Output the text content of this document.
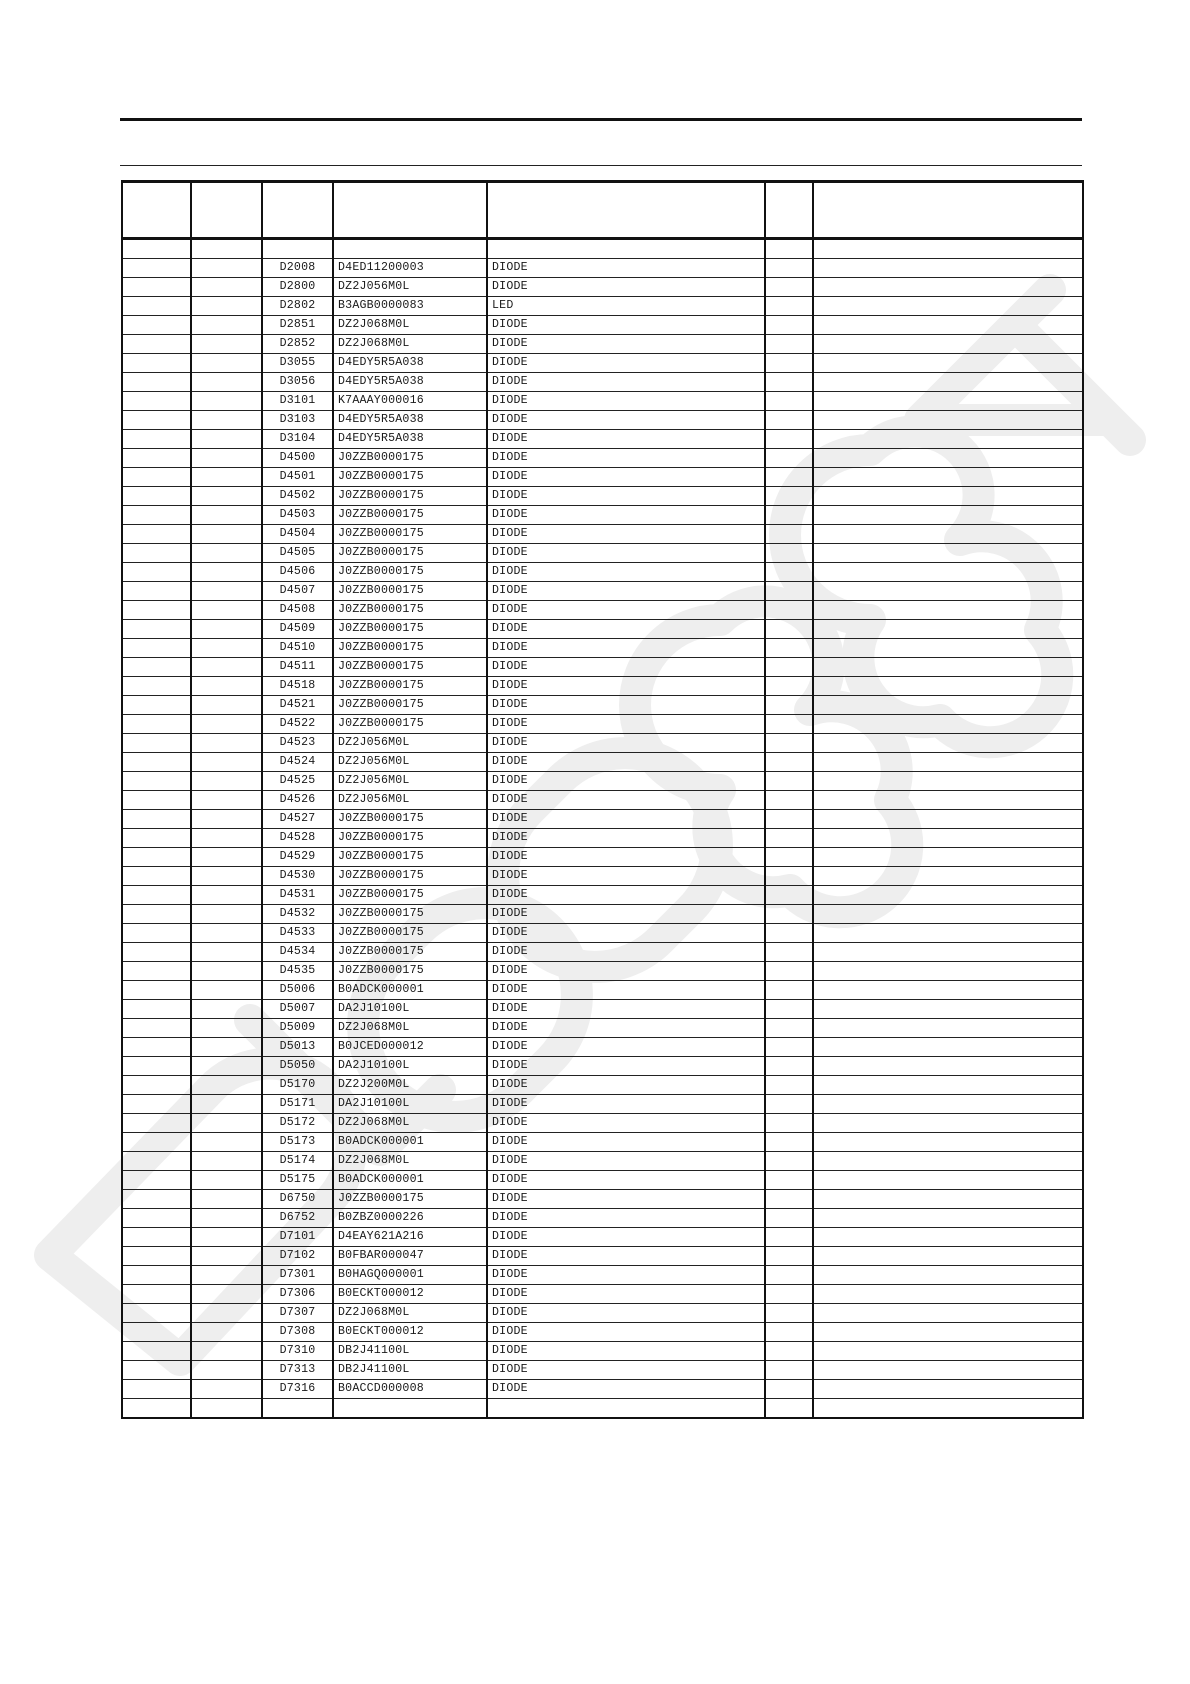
		D2008	D4ED11200003	DIODE		
		D2800	DZ2J056M0L	DIODE		
		D2802	B3AGB0000083	LED		
		D2851	DZ2J068M0L	DIODE		
		D2852	DZ2J068M0L	DIODE		
		D3055	D4EDY5R5A038	DIODE		
		D3056	D4EDY5R5A038	DIODE		
		D3101	K7AAAY000016	DIODE		
		D3103	D4EDY5R5A038	DIODE		
		D3104	D4EDY5R5A038	DIODE		
		D4500	J0ZZB0000175	DIODE		
		D4501	J0ZZB0000175	DIODE		
		D4502	J0ZZB0000175	DIODE		
		D4503	J0ZZB0000175	DIODE		
		D4504	J0ZZB0000175	DIODE		
		D4505	J0ZZB0000175	DIODE		
		D4506	J0ZZB0000175	DIODE		
		D4507	J0ZZB0000175	DIODE		
		D4508	J0ZZB0000175	DIODE		
		D4509	J0ZZB0000175	DIODE		
		D4510	J0ZZB0000175	DIODE		
		D4511	J0ZZB0000175	DIODE		
		D4518	J0ZZB0000175	DIODE		
		D4521	J0ZZB0000175	DIODE		
		D4522	J0ZZB0000175	DIODE		
		D4523	DZ2J056M0L	DIODE		
		D4524	DZ2J056M0L	DIODE		
		D4525	DZ2J056M0L	DIODE		
		D4526	DZ2J056M0L	DIODE		
		D4527	J0ZZB0000175	DIODE		
		D4528	J0ZZB0000175	DIODE		
		D4529	J0ZZB0000175	DIODE		
		D4530	J0ZZB0000175	DIODE		
		D4531	J0ZZB0000175	DIODE		
		D4532	J0ZZB0000175	DIODE		
		D4533	J0ZZB0000175	DIODE		
		D4534	J0ZZB0000175	DIODE		
		D4535	J0ZZB0000175	DIODE		
		D5006	B0ADCK000001	DIODE		
		D5007	DA2J10100L	DIODE		
		D5009	DZ2J068M0L	DIODE		
		D5013	B0JCED000012	DIODE		
		D5050	DA2J10100L	DIODE		
		D5170	DZ2J200M0L	DIODE		
		D5171	DA2J10100L	DIODE		
		D5172	DZ2J068M0L	DIODE		
		D5173	B0ADCK000001	DIODE		
		D5174	DZ2J068M0L	DIODE		
		D5175	B0ADCK000001	DIODE		
		D6750	J0ZZB0000175	DIODE		
		D6752	B0ZBZ0000226	DIODE		
		D7101	D4EAY621A216	DIODE		
		D7102	B0FBAR000047	DIODE		
		D7301	B0HAGQ000001	DIODE		
		D7306	B0ECKT000012	DIODE		
		D7307	DZ2J068M0L	DIODE		
		D7308	B0ECKT000012	DIODE		
		D7310	DB2J41100L	DIODE		
		D7313	DB2J41100L	DIODE		
		D7316	B0ACCD000008	DIODE		
